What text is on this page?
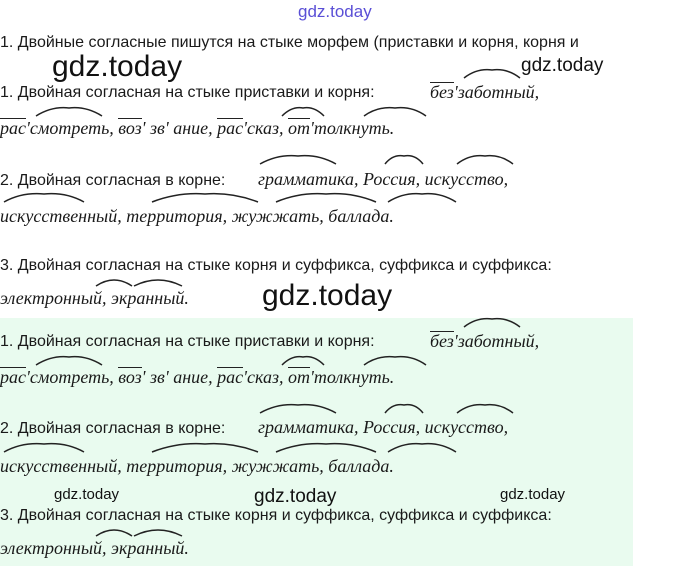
gdz.today
1. Двойные согласные пишутся на стыке морфем (приставки и корня, корня и
gdz.today	gdz.today
gdz.today
gdz.today	gdz.today	gdz.today
1. Двойная согласная на стыке приставки и корня:	без'заботный,
рас'смотреть, воз' зв' ание, рас'сказ, от'толкнуть.
2. Двойная согласная в корне: грамматика, Россия, искусство,
искусственный, территория, жужжать, баллада.
3. Двойная согласная на стыке корня и суффикса, суффикса и суффикса:
электронный, экранный.
1. Двойная согласная на стыке приставки и корня:	без'заботный,
рас'смотреть, воз' зв' ание, рас'сказ, от'толкнуть.
2. Двойная согласная в корне: грамматика, Россия, искусство,
искусственный, территория, жужжать, баллада.
3. Двойная согласная на стыке корня и суффикса, суффикса и суффикса:
электронный, экранный.
